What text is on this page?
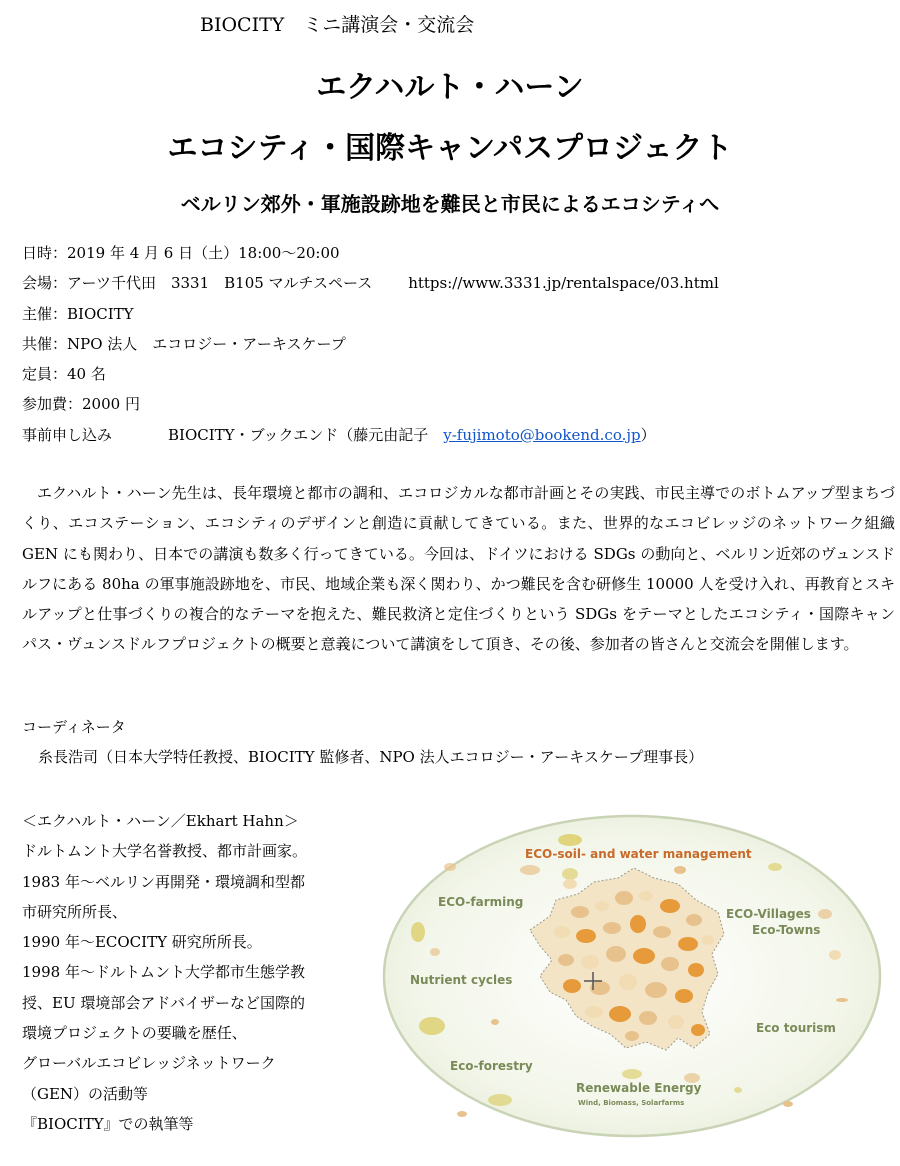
BIOCITY　ミニ講演会・交流会
エクハルト・ハーン
エコシティ・国際キャンパスプロジェクト
ベルリン郊外・軍施設跡地を難民と市民によるエコシティへ
日時：2019 年 4 月 6 日（土）18:00～20:00
会場：アーツ千代田　3331　B105 マルチスペース https://www.3331.jp/rentalspace/03.html
主催：BIOCITY
共催：NPO 法人　エコロジー・アーキスケープ
定員：40 名
参加費：2000 円
事前申し込み	BIOCITY・ブックエンド（藤元由記子　 y-fujimoto@bookend.co.jp）
エクハルト・ハーン先生は、長年環境と都市の調和、エコロジカルな都市計画とその実践、市民主導でのボトムアップ型まちづくり、エコステーション、エコシティのデザインと創造に貢献してきている。また、世界的なエコビレッジのネットワーク組織 GEN にも関わり、日本での講演も数多く行ってきている。今回は、ドイツにおける SDGs の動向と、ベルリン近郊のヴュンスドルフにある 80ha の軍事施設跡地を、市民、地域企業も深く関わり、かつ難民を含む研修生 10000 人を受け入れ、再教育とスキルアップと仕事づくりの複合的なテーマを抱えた、難民救済と定住づくりという SDGs をテーマとしたエコシティ・国際キャンパス・ヴュンスドルフプロジェクトの概要と意義について講演をして頂き、その後、参加者の皆さんと交流会を開催します。
コーディネータ
糸長浩司（日本大学特任教授、BIOCITY 監修者、NPO 法人エコロジー・アーキスケープ理事長）
＜エクハルト・ハーン／Ekhart Hahn＞
ドルトムント大学名誉教授、都市計画家。
1983 年～ベルリン再開発・環境調和型都
市研究所所長、
1990 年～ECOCITY 研究所所長。
1998 年～ドルトムント大学都市生態学教
授、EU 環境部会アドバイザーなど国際的
環境プロジェクトの要職を歴任、
グローバルエコビレッジネットワーク
（GEN）の活動等
『BIOCITY』での執筆等
ECO-soil- and water management
ECO-farming
ECO-Villages
Eco-Towns
Nutrient cycles
Eco tourism
Eco-forestry
Renewable Energy
Wind, Biomass, Solarfarms
